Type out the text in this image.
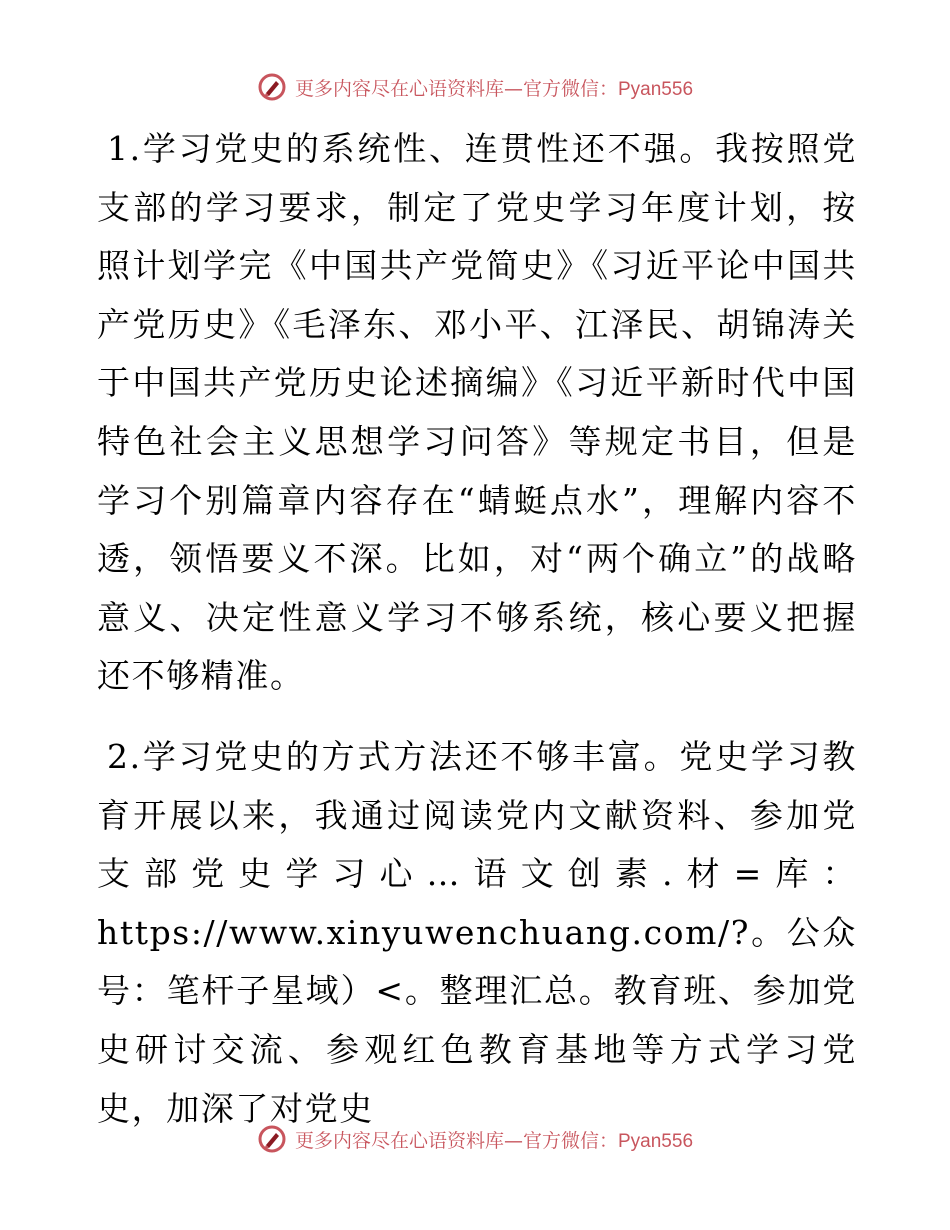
更多内容尽在心语资料库—官方微信：Pyan556

1.学习党史的系统性、连贯性还不强。我按照党支部的学习要求，制定了党史学习年度计划，按照计划学完《中国共产党简史》《习近平论中国共产党历史》《毛泽东、邓小平、江泽民、胡锦涛关于中国共产党历史论述摘编》《习近平新时代中国特色社会主义思想学习问答》等规定书目，但是学习个别篇章内容存在“蜻蜓点水”，理解内容不透，领悟要义不深。比如，对“两个确立”的战略意义、决定性意义学习不够系统，核心要义把握还不够精准。

2.学习党史的方式方法还不够丰富。党史学习教育开展以来，我通过阅读党内文献资料、参加党支部党史学习心…语文创素.材=库：https://www.xinyuwenchuang.com/?。公众号：笔杆子星域）<。整理汇总。教育班、参加党史研讨交流、参观红色教育基地等方式学习党史，加深了对党史

更多内容尽在心语资料库—官方微信：Pyan556
